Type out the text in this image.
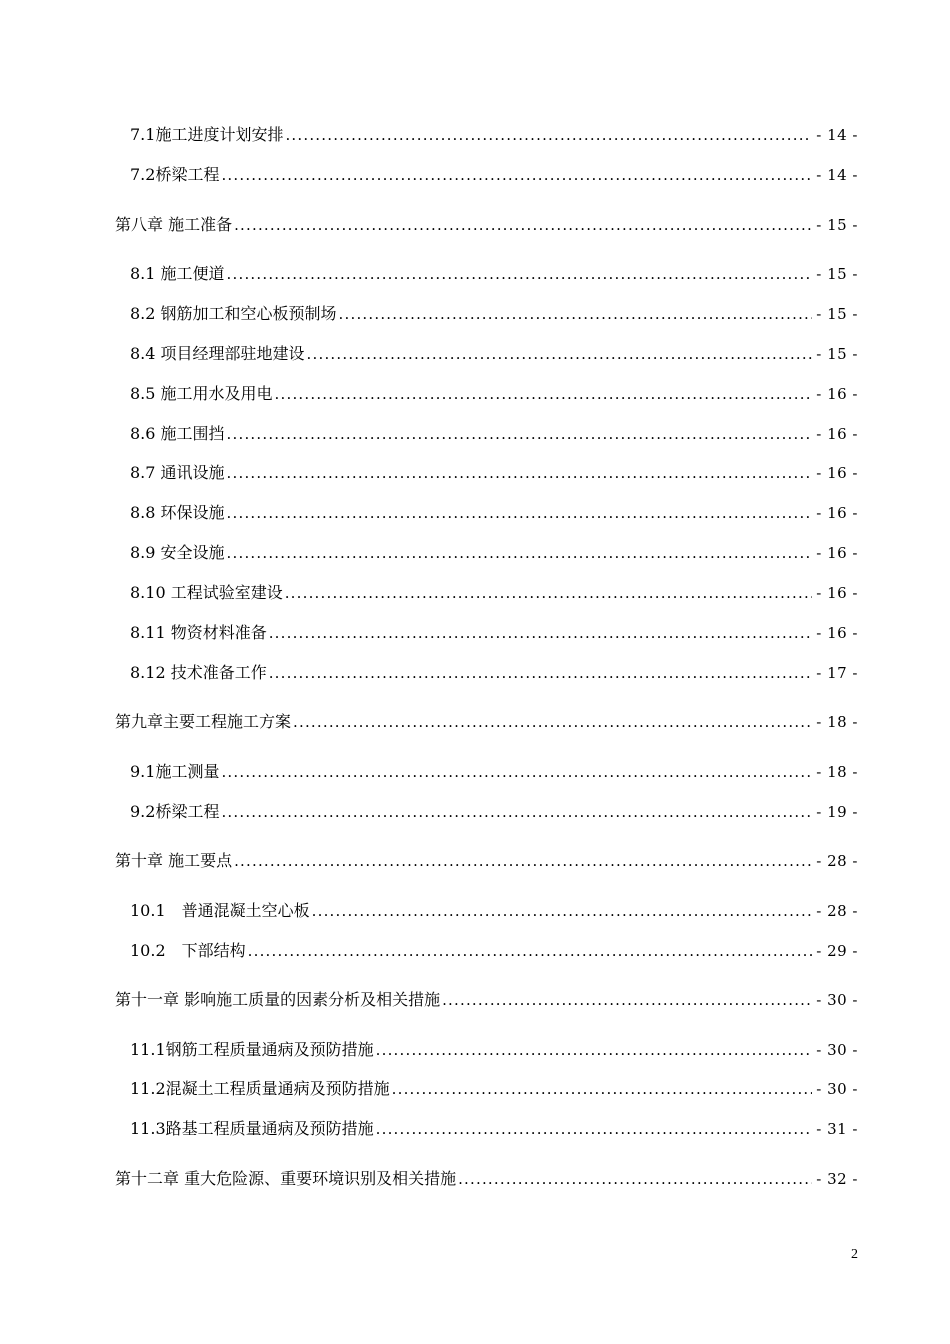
7.1施工进度计划安排 .....	- 14 -
7.2桥梁工程 .....	- 14 -
第八章 施工准备 .....	- 15 -
8.1 施工便道 .....	- 15 -
8.2 钢筋加工和空心板预制场 .....	- 15 -
8.4 项目经理部驻地建设 .....	- 15 -
8.5 施工用水及用电 .....	- 16 -
8.6 施工围挡 .....	- 16 -
8.7 通讯设施 .....	- 16 -
8.8 环保设施 .....	- 16 -
8.9 安全设施 .....	- 16 -
8.10 工程试验室建设 .....	- 16 -
8.11 物资材料准备 .....	- 16 -
8.12 技术准备工作 .....	- 17 -
第九章主要工程施工方案 .....	- 18 -
9.1施工测量 .....	- 18 -
9.2桥梁工程 .....	- 19 -
第十章 施工要点 .....	- 28 -
10.1　普通混凝土空心板 .....	- 28 -
10.2　下部结构 .....	- 29 -
第十一章 影响施工质量的因素分析及相关措施 .....	- 30 -
11.1钢筋工程质量通病及预防措施 .....	- 30 -
11.2混凝土工程质量通病及预防措施 .....	- 30 -
11.3路基工程质量通病及预防措施 .....	- 31 -
第十二章 重大危险源、重要环境识别及相关措施 .....	- 32 -
2
